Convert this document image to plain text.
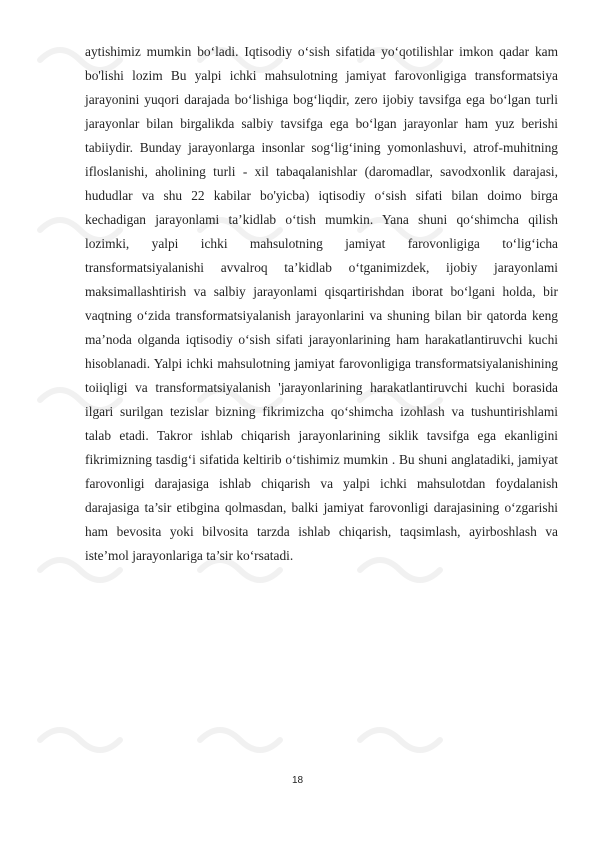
aytishimiz mumkin bo‘ladi. Iqtisodiy o‘sish sifatida yo‘qotilishlar imkon qadar kam bo'lishi lozim Bu yalpi ichki mahsulotning jamiyat farovonligiga transformatsiya jarayonini yuqori darajada bo‘lishiga bog‘liqdir, zero ijobiy tavsifga ega bo‘lgan turli jarayonlar bilan birgalikda salbiy tavsifga ega bo‘lgan jarayonlar ham yuz berishi tabiiydir. Bunday jarayonlarga insonlar sog‘lig‘ining yomonlashuvi, atrof-muhitning ifloslanishi, aholining turli - xil tabaqalanishlar (daromadlar, savodxonlik darajasi, hududlar va shu 22 kabilar bo'yicba) iqtisodiy o‘sish sifati bilan doimo birga kechadigan jarayonlami ta’kidlab o‘tish mumkin. Yana shuni qo‘shimcha qilish lozimki, yalpi ichki mahsulotning jamiyat farovonligiga to‘lig‘icha transformatsiyalanishi avvalroq ta’kidlab o‘tganimizdek, ijobiy jarayonlami maksimallashtirish va salbiy jarayonlami qisqartirishdan iborat bo‘lgani holda, bir vaqtning o‘zida transformatsiyalanish jarayonlarini va shuning bilan bir qatorda keng ma’noda olganda iqtisodiy o‘sish sifati jarayonlarining ham harakatlantiruvchi kuchi hisoblanadi. Yalpi ichki mahsulotning jamiyat farovonligiga transformatsiyalanishining toiiqligi va transformatsiyalanish 'jarayonlarining harakatlantiruvchi kuchi borasida ilgari surilgan tezislar bizning fikrimizcha qo‘shimcha izohlash va tushuntirishlami talab etadi. Takror ishlab chiqarish jarayonlarining siklik tavsifga ega ekanligini fikrimizning tasdig‘i sifatida keltirib o‘tishimiz mumkin . Bu shuni anglatadiki, jamiyat farovonligi darajasiga ishlab chiqarish va yalpi ichki mahsulotdan foydalanish darajasiga ta’sir etibgina qolmasdan, balki jamiyat farovonligi darajasining o‘zgarishi ham bevosita yoki bilvosita tarzda ishlab chiqarish, taqsimlash, ayirboshlash va iste’mol jarayonlariga ta’sir ko‘rsatadi.

18
